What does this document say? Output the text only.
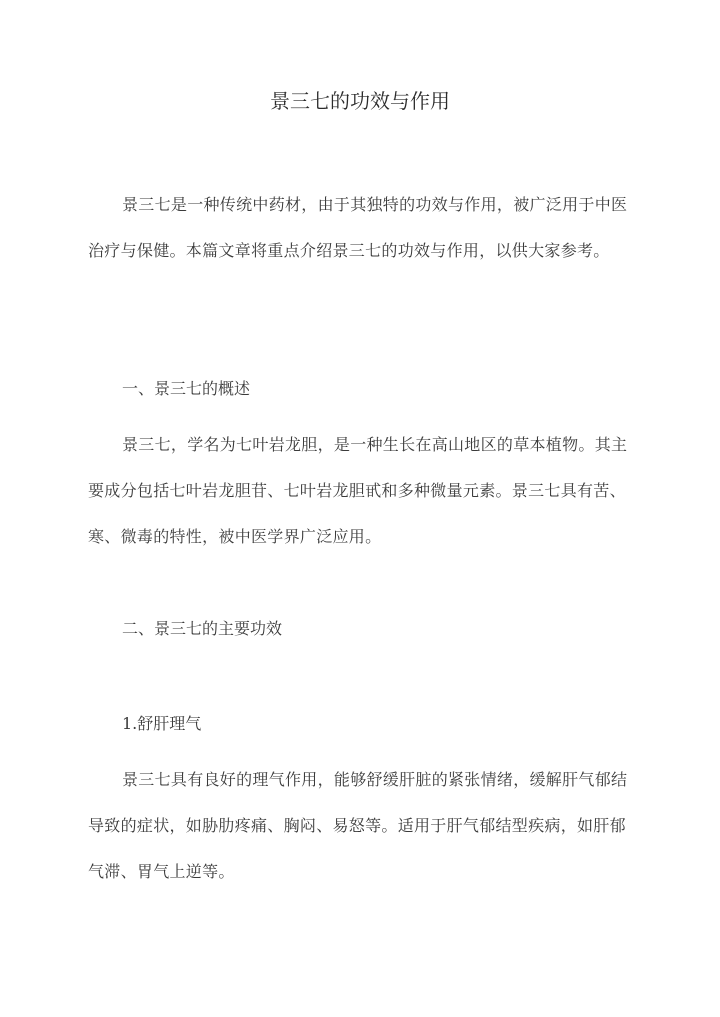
景三七的功效与作用

景三七是一种传统中药材，由于其独特的功效与作用，被广泛用于中医治疗与保健。本篇文章将重点介绍景三七的功效与作用，以供大家参考。

一、景三七的概述

景三七，学名为七叶岩龙胆，是一种生长在高山地区的草本植物。其主要成分包括七叶岩龙胆苷、七叶岩龙胆甙和多种微量元素。景三七具有苦、寒、微毒的特性，被中医学界广泛应用。

二、景三七的主要功效

1.舒肝理气

景三七具有良好的理气作用，能够舒缓肝脏的紧张情绪，缓解肝气郁结导致的症状，如胁肋疼痛、胸闷、易怒等。适用于肝气郁结型疾病，如肝郁气滞、胃气上逆等。
